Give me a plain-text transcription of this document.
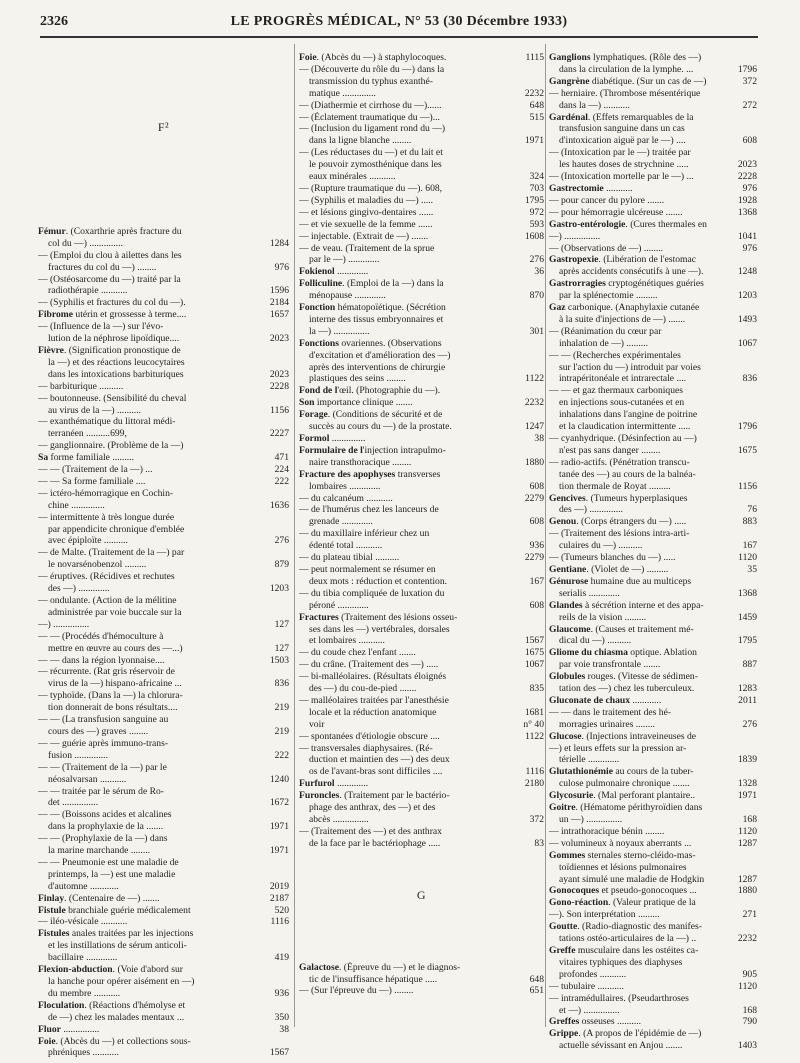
2326	LE PROGRÈS MÉDICAL, N° 53 (30 Décembre 1933)
F²
Fémur. (Coxarthrie après fracture du
col du —) ..............	1284
— (Emploi du clou à ailettes dans les
fractures du col du —) ........	976
— (Ostéosarcome du —) traité par la
radiothérapie ...........	1596
— (Syphilis et fractures du col du —).	2184
Fibrome utérin et grossesse à terme....	1657
— (Influence de la —) sur l'évo-
lution de la néphrose lipoïdique....	2023
Fièvre. (Signification pronostique de
la —) et des réactions leucocytaires
dans les intoxications barbituriques	2023
— barbiturique ..........	2228
— boutonneuse. (Sensibilité du cheval
au virus de la —) ..........	1156
— exanthématique du littoral médi-
terranéen ..........699,	2227
— ganglionnaire. (Problème de la —)
Sa forme familiale .........	471
— — (Traitement de la —) ...	224
— — Sa forme familiale ....	222
— ictéro-hémorragique en Cochin-
chine ..............	1636
— intermittente à très longue durée
par appendicite chronique d'emblée
avec épiploïte ..........	276
— de Malte. (Traitement de la —) par
le novarsénobenzol .........	879
— éruptives. (Récidives et rechutes
des —) .............	1203
— ondulante. (Action de la mélitine
administrée par voie buccale sur la
—) ...............	127
— — (Procédés d'hémoculture à
mettre en œuvre au cours des —...)	127
— — dans la région lyonnaise....	1503
— récurrente. (Rat gris réservoir de
virus de la —) hispano-africaine ...	836
— typhoïde. (Dans la —) la chlorura-
tion donnerait de bons résultats....	219
— — (La transfusion sanguine au
cours des —) graves ........	219
— — guérie après immuno-trans-
fusion ..............	222
— — (Traitement de la —) par le
néosalvarsan ...........	1240
— — traitée par le sérum de Ro-
det ...............	1672
— — (Boissons acides et alcalines
dans la prophylaxie de la .......	1971
— — (Prophylaxie de la —) dans
la marine marchande ........	1971
— — Pneumonie est une maladie de
printemps, la —) est une maladie
d'automne ............	2019
Finlay. (Centenaire de —) .......	2187
Fistule branchiale guérie médicalement	520
— iléo-vésicale ...........	1116
Fistules anales traitées par les injections
et les instillations de sérum anticoli-
bacillaire .............	419
Flexion-abduction. (Voie d'abord sur
la hanche pour opérer aisément en —)
du membre ...........	936
Floculation. (Réactions d'hémolyse et
de —) chez les malades mentaux ...	350
Fluor ...............	38
Foie. (Abcès du —) et collections sous-
phréniques ...........	1567
Foie. (Abcès du —) à staphylocoques.	1115
— (Découverte du rôle du —) dans la
transmission du typhus exanthé-
matique ..............	2232
— (Diathermie et cirrhose du —)......	648
— (Éclatement traumatique du —)...	515
— (Inclusion du ligament rond du —)
dans la ligne blanche ........	1971
— (Les réductases du —) et du lait et
le pouvoir zymosthénique dans les
eaux minérales ...........	324
— (Rupture traumatique du —). 608,	703
— (Syphilis et maladies du —) .....	1795
— et lésions gingivo-dentaires ......	972
— et vie sexuelle de la femme ......	593
— injectable. (Extrait de —) .......	1608
— de veau. (Traitement de la sprue
par le —) .............	276
Fokienol .............	36
Folliculine. (Emploi de la —) dans la
ménopause .............	870
Fonction hématopoïétique. (Sécrétion
interne des tissus embryonnaires et
la —) ...............	301
Fonctions ovariennes. (Observations
d'excitation et d'amélioration des —)
après des interventions de chirurgie
plastiques des seins ........	1122
Fond de l'œil. (Photographie du —).
Son importance clinique .......	2232
Forage. (Conditions de sécurité et de
succès au cours du —) de la prostate.	1247
Formol ..............	38
Formulaire de l'injection intrapulmo-
naire transthoracique ........	1880
Fracture des apophyses transverses
lombaires .............	608
— du calcanéum ...........	2279
— de l'humérus chez les lanceurs de
grenade .............	608
— du maxillaire inférieur chez un
édenté total ...........	936
— du plateau tibial ..........	2279
— peut normalement se résumer en
deux mots : réduction et contention.	167
— du tibia compliquée de luxation du
péroné .............	608
Fractures (Traitement des lésions osseu-
ses dans les —) vertébrales, dorsales
et lombaires ...........	1567
— du coude chez l'enfant .......	1675
— du crâne. (Traitement des —) .....	1067
— bi-malléolaires. (Résultats éloignés
des —) du cou-de-pied .......	835
— malléolaires traitées par l'anesthésie
locale et la réduction anatomique	1681
voir	n° 40
— spontanées d'étiologie obscure ....	1122
— transversales diaphysaires. (Ré-
duction et maintien des —) des deux
os de l'avant-bras sont difficiles ....	1116
Furfurol .............	2180
Furoncles. (Traitement par le bactério-
phage des anthrax, des —) et des
abcès ...............	372
— (Traitement des —) et des anthrax
de la face par le bactériophage .....	83
G
Galactose. (Épreuve du —) et le diagnos-
tic de l'insuffisance hépatique .....	648
— (Sur l'épreuve du —) ........	651
Ganglions lymphatiques. (Rôle des —)
dans la circulation de la lymphe. ...	1796
Gangrène diabétique. (Sur un cas de —)	372
— herniaire. (Thrombose mésentérique
dans la —) ...........	272
Gardénal. (Effets remarquables de la
transfusion sanguine dans un cas
d'intoxication aiguë par le —) ....	608
— (Intoxication par le —) traitée par
les hautes doses de strychnine .....	2023
— (Intoxication mortelle par le —) ...	2228
Gastrectomie ...........	976
— pour cancer du pylore .......	1928
— pour hémorragie ulcéreuse .......	1368
Gastro-entérologie. (Cures thermales en
—) ...............	1041
— (Observations de —) ........	976
Gastropexie. (Libération de l'estomac
après accidents consécutifs à une —).	1248
Gastrorragies cryptogénétiques guéries
par la splénectomie .........	1203
Gaz carbonique. (Anaphylaxie cutanée
à la suite d'injections de —) .......	1493
— (Réanimation du cœur par
inhalation de —) .........	1067
— — (Recherches expérimentales
sur l'action du —) introduit par voies
intrapéritonéale et intrarectale ....	836
— — et gaz thermaux carboniques
en injections sous-cutanées et en
inhalations dans l'angine de poitrine
et la claudication intermittente .....	1796
— cyanhydrique. (Désinfection au —)
n'est pas sans danger ........	1675
— radio-actifs. (Pénétration transcu-
tanée des —) au cours de la balnéa-
tion thermale de Royat .........	1156
Gencives. (Tumeurs hyperplasiques
des —) ..............	76
Genou. (Corps étrangers du —) .....	883
— (Traitement des lésions intra-arti-
culaires du —) ..........	167
— (Tumeurs blanches du —) .....	1120
Gentiane. (Violet de —) .........	35
Génurose humaine due au multiceps
serialis .............	1368
Glandes à sécrétion interne et des appa-
reils de la vision .........	1459
Glaucome. (Causes et traitement mé-
dical du —) ..........	1795
Gliome du chiasma optique. Ablation
par voie transfrontale .......	887
Globules rouges. (Vitesse de sédimen-
tation des —) chez les tuberculeux.	1283
Gluconate de chaux ............	2011
— — dans le traitement des hé-
morragies urinaires ........	276
Glucose. (Injections intraveineuses de
—) et leurs effets sur la pression ar-
térielle .............	1839
Glutathionémie au cours de la tuber-
culose pulmonaire chronique .......	1328
Glycosurie. (Mal perforant plantaire..	1971
Goitre. (Hématome périthyroïdien dans
un —) ...............	168
— intrathoracique bénin ........	1120
— volumineux à noyaux aberrants ...	1287
Gommes sternales sterno-cléido-mas-
toïdiennes et lésions pulmonaires
ayant simulé une maladie de Hodgkin	1287
Gonocoques et pseudo-gonocoques ...	1880
Gono-réaction. (Valeur pratique de la
—). Son interprétation .........	271
Goutte. (Radio-diagnostic des manifes-
tations ostéo-articulaires de la —) ..	2232
Greffe musculaire dans les ostéites ca-
vitaires typhiques des diaphyses
profondes ...........	905
— tubulaire ...........	1120
— intramédullaires. (Pseudarthroses
et —) ...............	168
Greffes osseuses ..........	790
Grippe. (A propos de l'épidémie de —)
actuelle sévissant en Anjou .......	1403
